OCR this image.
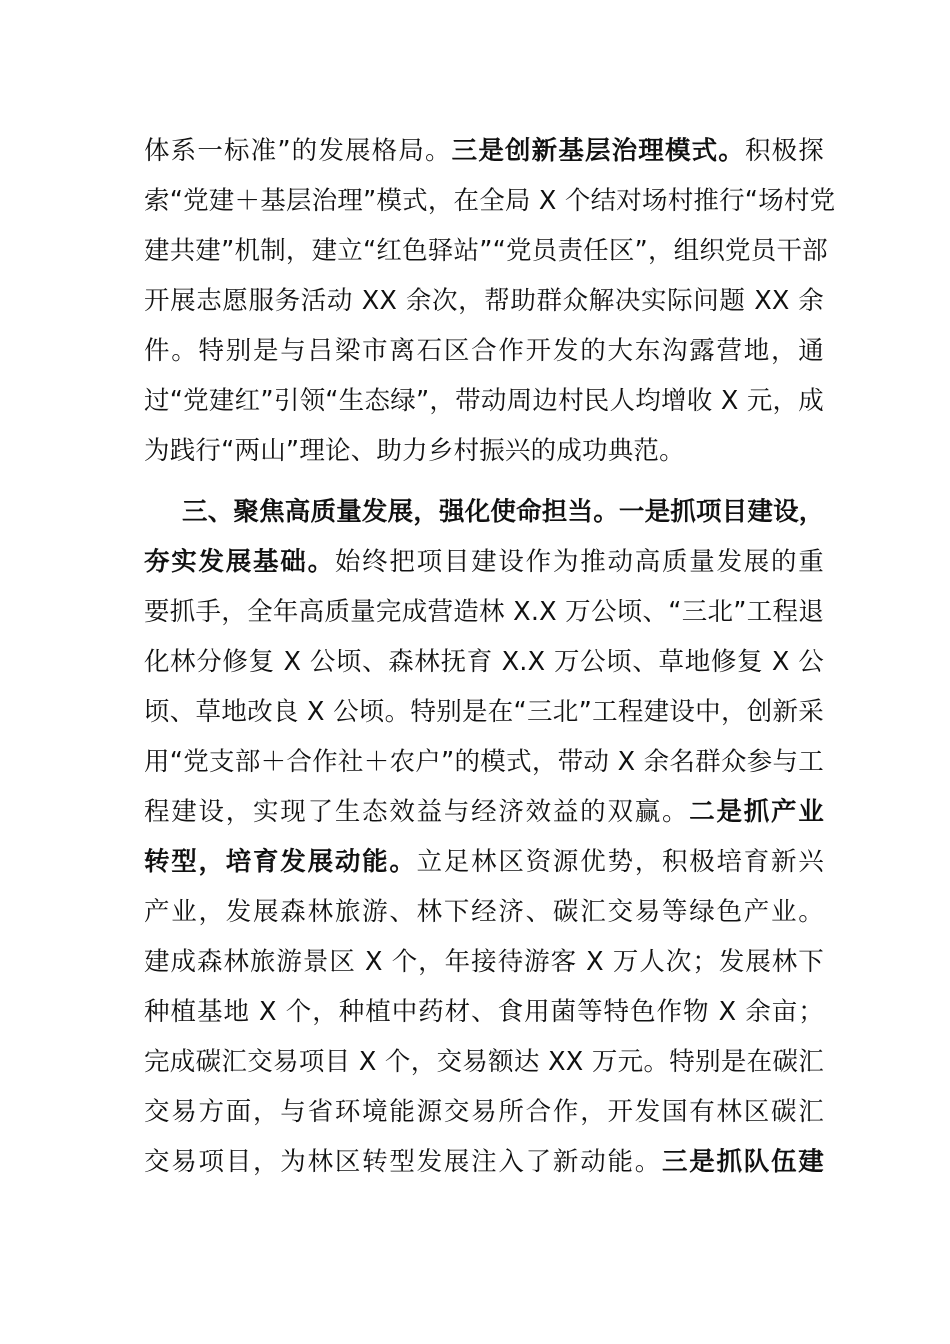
体系一标准”的发展格局。三是创新基层治理模式。积极探
索“党建＋基层治理”模式，在全局 X 个结对场村推行“场村党
建共建”机制，建立“红色驿站”“党员责任区”，组织党员干部
开展志愿服务活动 XX 余次，帮助群众解决实际问题 XX 余
件。特别是与吕梁市离石区合作开发的大东沟露营地，通
过“党建红”引领“生态绿”，带动周边村民人均增收 X 元，成
为践行“两山”理论、助力乡村振兴的成功典范。
三、聚焦高质量发展，强化使命担当。一是抓项目建设，
夯实发展基础。始终把项目建设作为推动高质量发展的重
要抓手，全年高质量完成营造林 X.X 万公顷、“三北”工程退
化林分修复 X 公顷、森林抚育 X.X 万公顷、草地修复 X 公
顷、草地改良 X 公顷。特别是在“三北”工程建设中，创新采
用“党支部＋合作社＋农户”的模式，带动 X 余名群众参与工
程建设，实现了生态效益与经济效益的双赢。二是抓产业
转型，培育发展动能。立足林区资源优势，积极培育新兴
产业，发展森林旅游、林下经济、碳汇交易等绿色产业。
建成森林旅游景区 X 个，年接待游客 X 万人次；发展林下
种植基地 X 个，种植中药材、食用菌等特色作物 X 余亩；
完成碳汇交易项目 X 个，交易额达 XX 万元。特别是在碳汇
交易方面，与省环境能源交易所合作，开发国有林区碳汇
交易项目，为林区转型发展注入了新动能。三是抓队伍建
